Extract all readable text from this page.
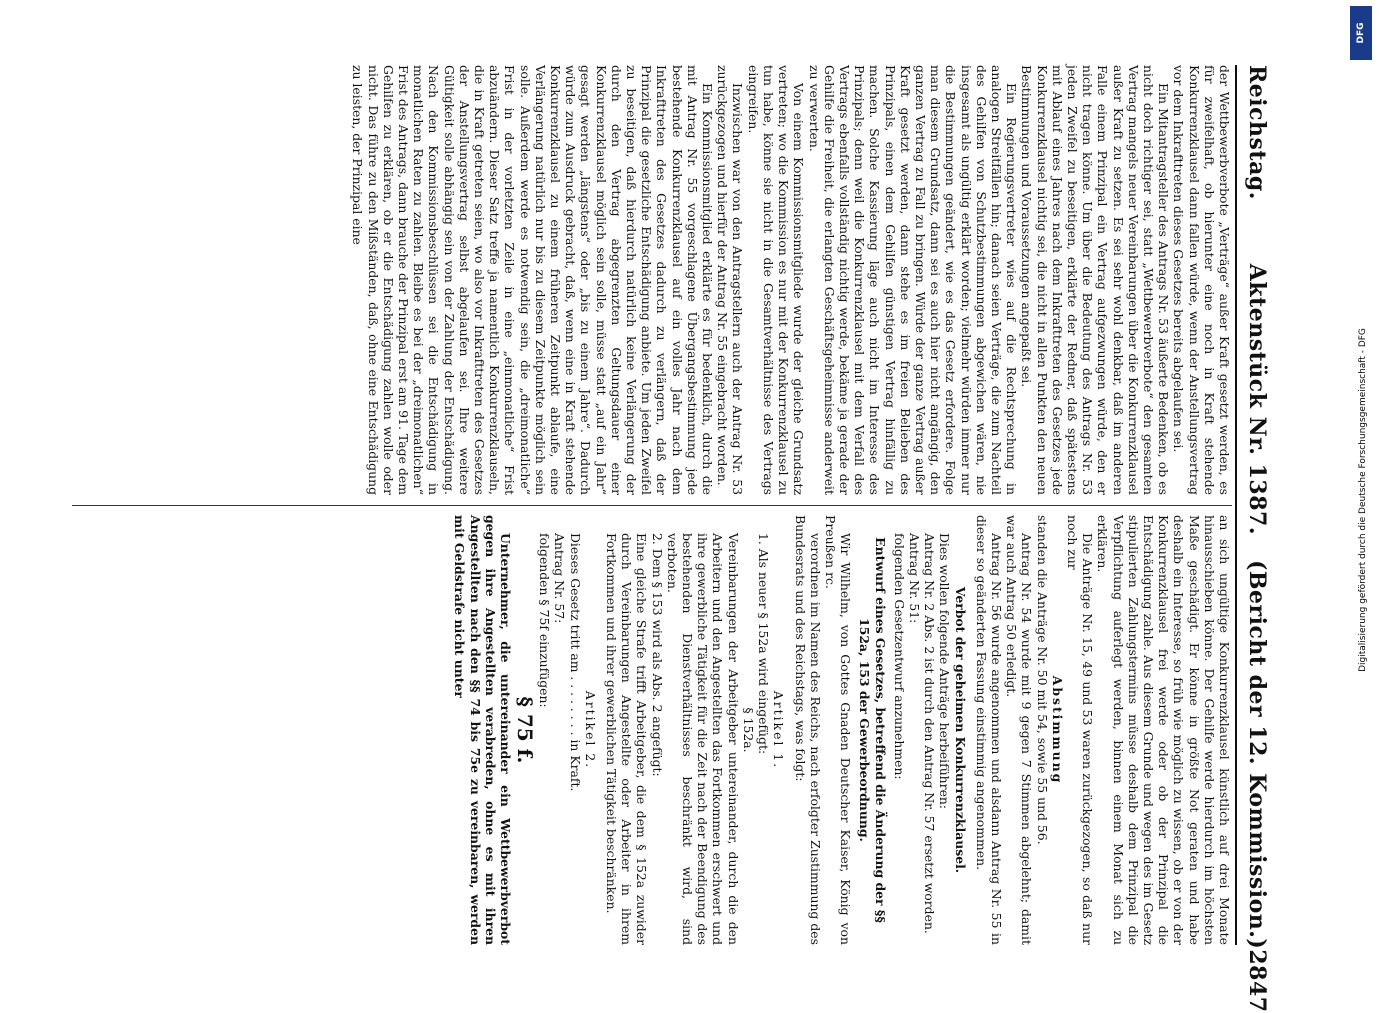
Reichstag.
Aktenstück Nr. 1387.
(Bericht der 12. Kommission.)
2847

der Wettbewerbverbote „Verträge“ außer Kraft gesetzt werden, es für zweifelhaft, ob hierunter eine noch in Kraft stehende Konkurrenzklausel dann fallen würde, wenn der Anstellungsvertrag vor dem Inkrafttreten dieses Gesetzes bereits abgelaufen sei.

Ein Mitantragsteller des Antrags Nr. 53 äußerte Bedenken, ob es nicht doch richtiger sei, statt „Wettbewerbverbote“ den gesamten Vertrag mangels neuer Vereinbarungen über die Konkurrenzklausel außer Kraft zu setzen. Es sei sehr wohl denkbar, daß im anderen Falle einem Prinzipal ein Vertrag aufgezwungen würde, den er nicht tragen könne. Um über die Bedeutung des Antrags Nr. 53 jeden Zweifel zu beseitigen, erklärte der Redner, daß spätestens mit Ablauf eines Jahres nach dem Inkrafttreten des Gesetzes jede Konkurrenzklausel nichtig sei, die nicht in allen Punkten den neuen Bestimmungen und Voraussetzungen angepaßt sei.

Ein Regierungsvertreter wies auf die Rechtsprechung in analogen Streitfällen hin; danach seien Verträge, die zum Nachteil des Gehilfen von Schutzbestimmungen abgewichen wären, nie insgesamt als ungültig erklärt worden; vielmehr würden immer nur die Bestimmungen geändert, wie es das Gesetz erfordere. Folge man diesem Grundsatz, dann sei es auch hier nicht angängig, den ganzen Vertrag zu Fall zu bringen. Würde der ganze Vertrag außer Kraft gesetzt werden, dann stehe es im freien Belieben des Prinzipals, einen dem Gehilfen günstigen Vertrag hinfällig zu machen. Solche Kassierung läge auch nicht im Interesse des Prinzipals; denn weil die Konkurrenzklausel mit dem Verfall des Vertrags ebenfalls vollständig nichtig werde, bekäme ja gerade der Gehilfe die Freiheit, die erlangten Geschäftsgeheimnisse anderweit zu verwerten.

Von einem Kommissionsmitgliede wurde der gleiche Grundsatz vertreten; wo die Kommission es nur mit der Konkurrenzklausel zu tun habe, könne sie nicht in die Gesamtverhältnisse des Vertrags eingreifen.

Inzwischen war von den Antragstellern auch der Antrag Nr. 53 zurückgezogen und hierfür der Antrag Nr. 55 eingebracht worden.

Ein Kommissionsmitglied erklärte es für bedenklich, durch die mit Antrag Nr. 55 vorgeschlagene Übergangsbestimmung jede bestehende Konkurrenzklausel auf ein volles Jahr nach dem Inkrafttreten des Gesetzes dadurch zu verlängern, daß der Prinzipal die gesetzliche Entschädigung anbiete. Um jeden Zweifel zu beseitigen, daß hierdurch natürlich keine Verlängerung der durch den Vertrag abgegrenzten Geltungsdauer einer Konkurrenzklausel möglich sein solle, müsse statt „auf ein Jahr“ gesagt werden „längstens“ oder „bis zu einem Jahre“. Dadurch würde zum Ausdruck gebracht, daß, wenn eine in Kraft stehende Konkurrenzklausel zu einem früheren Zeitpunkt ablaufe, eine Verlängerung natürlich nur bis zu diesem Zeitpunkte möglich sein solle. Außerdem werde es notwendig sein, die „dreimonatliche“ Frist in der vorletzten Zeile in eine „einmonatliche“ Frist abzuändern. Dieser Satz treffe ja namentlich Konkurrenzklauseln, die in Kraft getreten seien, wo also vor Inkrafttreten des Gesetzes der Anstellungsvertrag selbst abgelaufen sei. Ihre weitere Gültigkeit solle abhängig sein von der Zahlung der Entschädigung. Nach den Kommissionsbeschlüssen sei die Entschädigung in monatlichen Raten zu zahlen. Bleibe es bei der „dreimonatlichen“ Frist des Antrags, dann brauche der Prinzipal erst am 91. Tage dem Gehilfen zu erklären, ob er die Entschädigung zahlen wolle oder nicht. Das führe zu den Mißständen, daß, ohne eine Entschädigung zu leisten, der Prinzipal eine

an sich ungültige Konkurrenzklausel künstlich auf drei Monate hinausschieben könne. Der Gehilfe werde hierdurch im höchsten Maße geschädigt. Er könne in größte Not geraten und habe deshalb ein Interesse, so früh wie möglich zu wissen, ob er von der Konkurrenzklausel frei werde oder ob der Prinzipal die Entschädigung zahle. Aus diesem Grunde und wegen des im Gesetz stipulierten Zahlungstermins müsse deshalb dem Prinzipal die Verpflichtung auferlegt werden, binnen einem Monat sich zu erklären.

Die Anträge Nr. 15, 49 und 53 waren zurückgezogen, so daß nur noch zur

Abstimmung

standen die Anträge Nr. 50 mit 54, sowie 55 und 56.

Antrag Nr. 54 wurde mit 9 gegen 7 Stimmen abgelehnt; damit war auch Antrag 50 erledigt.

Antrag Nr. 56 wurde angenommen und alsdann Antrag Nr. 55 in dieser so geänderten Fassung einstimmig angenommen.

Verbot der geheimen Konkurrenzklausel.

Dies wollen folgende Anträge herbeiführen:

Antrag Nr. 2 Abs. 2 ist durch den Antrag Nr. 57 ersetzt worden.

Antrag Nr. 51:

folgenden Gesetzentwurf anzunehmen:

Entwurf eines Gesetzes, betreffend die Änderung der §§ 152a, 153 der Gewerbeordnung.

Wir Wilhelm, von Gottes Gnaden Deutscher Kaiser, König von Preußen rc.

verordnen im Namen des Reichs, nach erfolgter Zustimmung des Bundesrats und des Reichstags, was folgt:

Artikel 1.

1. Als neuer § 152a wird eingefügt:

§ 152a.

Vereinbarungen der Arbeitgeber untereinander, durch die den Arbeitern und den Angestellten das Fortkommen erschwert und ihre gewerbliche Tätigkeit für die Zeit nach der Beendigung des bestehenden Dienstverhältnisses beschränkt wird, sind verboten.

2. Dem § 153 wird als Abs. 2 angefügt:

Eine gleiche Strafe trifft Arbeitgeber, die dem § 152a zuwider durch Vereinbarungen Angestellte oder Arbeiter in ihrem Fortkommen und ihrer gewerblichen Tätigkeit beschränken.

Artikel 2.

Dieses Gesetz tritt am . . . . . . . . in Kraft.

Antrag Nr. 57:

folgenden § 75f einzufügen:

§ 75 f.

Unternehmer, die untereinander ein Wettbewerbverbot gegen ihre Angestellten verabreden, ohne es mit ihren Angestellten nach den §§ 74 bis 75e zu vereinbaren, werden mit Geldstrafe nicht unter

DFG
Digitalisierung gefördert durch die Deutsche Forschungsgemeinschaft - DFG
